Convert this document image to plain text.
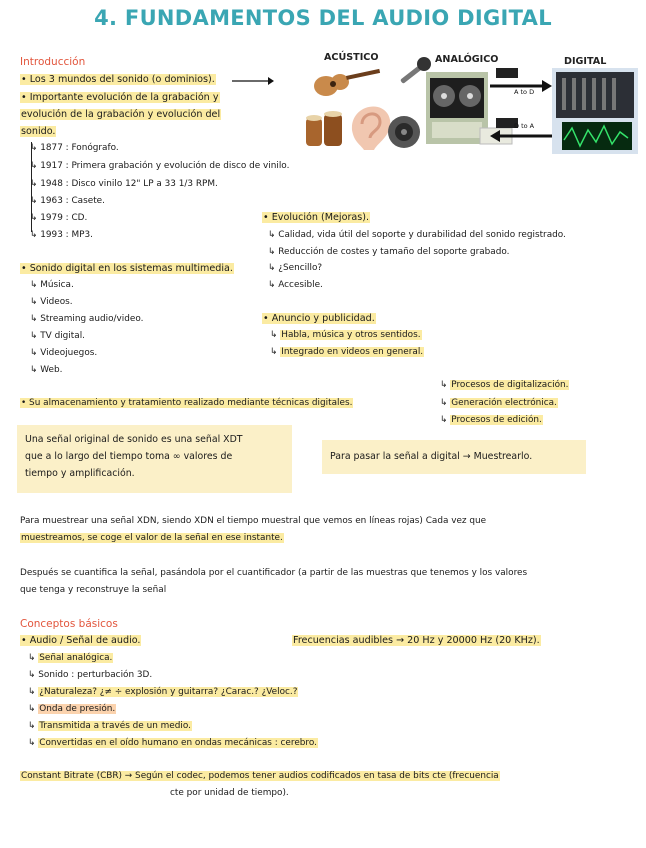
4. FUNDAMENTOS DEL AUDIO DIGITAL
ACÚSTICO	ANALÓGICO	DIGITAL
A to D
D to A
Introducción
• Los 3 mundos del sonido (o dominios).
• Importante evolución de la grabación y
evolución de la grabación y evolución del
sonido.
↳ 1877 : Fonógrafo.
↳ 1917 : Primera grabación y evolución de disco de vinilo.
↳ 1948 : Disco vinilo 12" LP a 33 1/3 RPM.
↳ 1963 : Casete.
↳ 1979 : CD.
↳ 1993 : MP3.
• Evolución (Mejoras).
↳ Calidad, vida útil del soporte y durabilidad del sonido registrado.
↳ Reducción de costes y tamaño del soporte grabado.
↳ ¿Sencillo?
↳ Accesible.
• Sonido digital en los sistemas multimedia.
↳ Música.
↳ Videos.
↳ Streaming audio/video.
↳ TV digital.
↳ Videojuegos.
↳ Web.
• Anuncio y publicidad.
↳ Habla, música y otros sentidos.
↳ Integrado en videos en general.
• Su almacenamiento y tratamiento realizado mediante técnicas digitales.
↳ Procesos de digitalización.
↳ Generación electrónica.
↳ Procesos de edición.
Una señal original de sonido es una señal XDT
que a lo largo del tiempo toma ∞ valores de
tiempo y amplificación.
Para pasar la señal a digital → Muestrearlo.
Para muestrear una señal XDN, siendo XDN el tiempo muestral que vemos en líneas rojas) Cada vez que
muestreamos, se coge el valor de la señal en ese instante.
Después se cuantifica la señal, pasándola por el cuantificador (a partir de las muestras que tenemos y los valores
que tenga y reconstruye la señal
Conceptos básicos
• Audio / Señal de audio.	Frecuencias audibles → 20 Hz y 20000 Hz (20 KHz).
↳ Señal analógica.
↳ Sonido : perturbación 3D.
↳ ¿Naturaleza? ¿≠ ÷ explosión y guitarra? ¿Carac.? ¿Veloc.?
↳ Onda de presión.
↳ Transmitida a través de un medio.
↳ Convertidas en el oído humano en ondas mecánicas : cerebro.
Constant Bitrate (CBR) → Según el codec, podemos tener audios codificados en tasa de bits cte (frecuencia
cte por unidad de tiempo).
